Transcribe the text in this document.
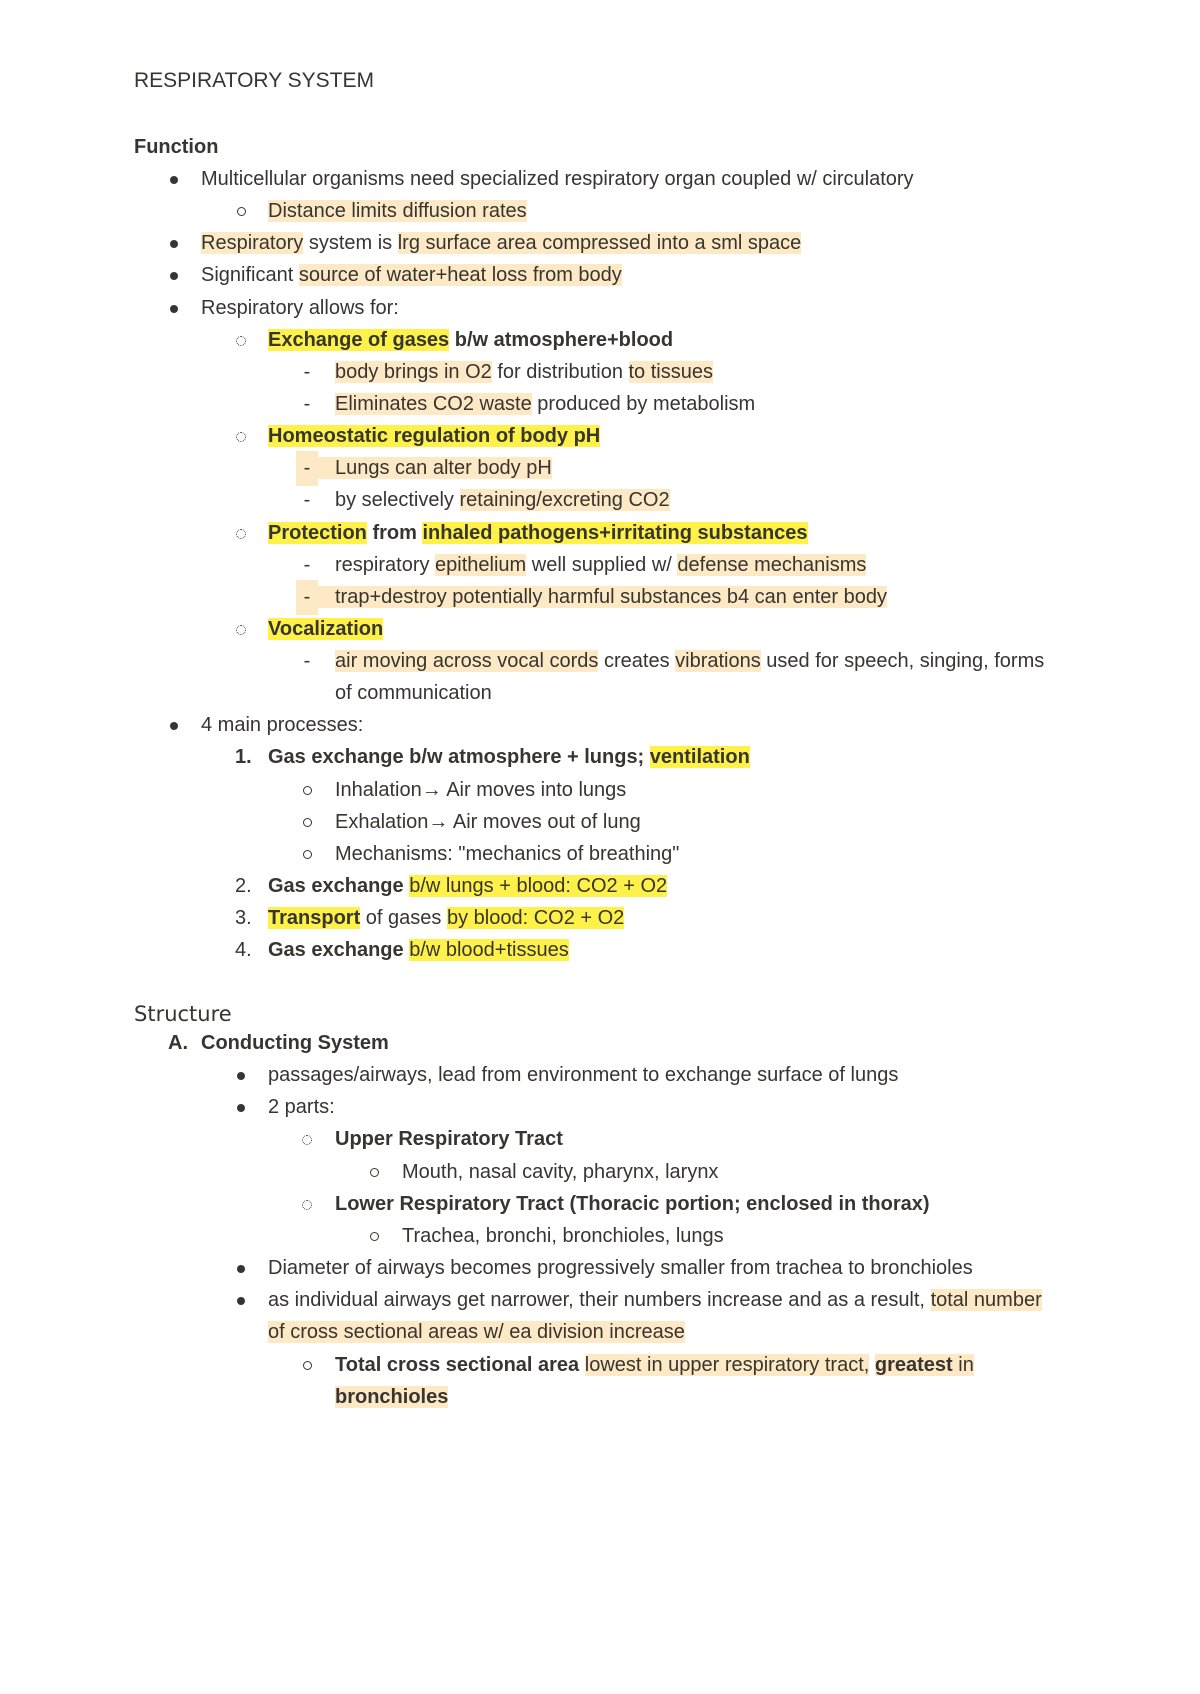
RESPIRATORY SYSTEM
Function
Multicellular organisms need specialized respiratory organ coupled w/ circulatory
Distance limits diffusion rates
Respiratory system is lrg surface area compressed into a sml space
Significant source of water+heat loss from body
Respiratory allows for:
Exchange of gases b/w atmosphere+blood
-	body brings in O2 for distribution to tissues
-	Eliminates CO2 waste produced by metabolism
Homeostatic regulation of body pH
-	Lungs can alter body pH
-	by selectively retaining/excreting CO2
Protection from inhaled pathogens+irritating substances
-	respiratory epithelium well supplied w/ defense mechanisms
-	trap+destroy potentially harmful substances b4 can enter body
Vocalization
-	air moving across vocal cords creates vibrations used for speech, singing, forms
of communication
4 main processes:
1. Gas exchange b/w atmosphere + lungs; ventilation
Inhalation→ Air moves into lungs
Exhalation→ Air moves out of lung
Mechanisms: "mechanics of breathing"
2. Gas exchange b/w lungs + blood: CO2 + O2
3. Transport of gases by blood: CO2 + O2
4. Gas exchange b/w blood+tissues
Structure
A. Conducting System
passages/airways, lead from environment to exchange surface of lungs
2 parts:
Upper Respiratory Tract
Mouth, nasal cavity, pharynx, larynx
Lower Respiratory Tract (Thoracic portion; enclosed in thorax)
Trachea, bronchi, bronchioles, lungs
Diameter of airways becomes progressively smaller from trachea to bronchioles
as individual airways get narrower, their numbers increase and as a result, total number
of cross sectional areas w/ ea division increase
Total cross sectional area lowest in upper respiratory tract, greatest in
bronchioles
